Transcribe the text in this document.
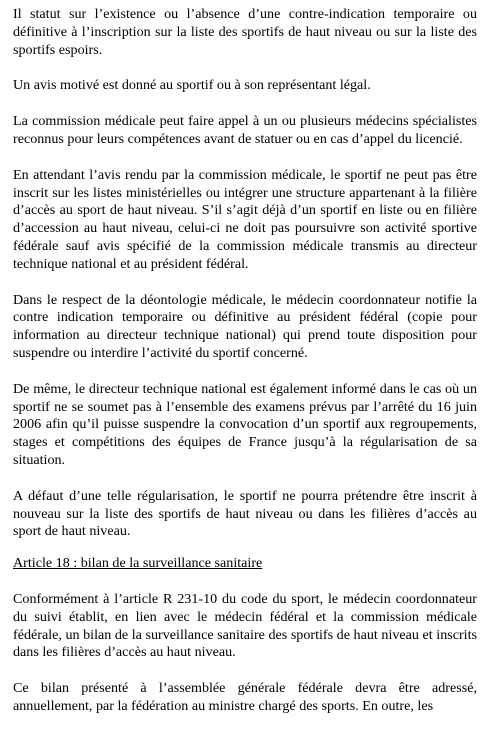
Il statut sur l’existence ou l’absence d’une contre-indication temporaire ou définitive à l’inscription sur la liste des sportifs de haut niveau ou sur la liste des sportifs espoirs.

Un avis motivé est donné au sportif ou à son représentant légal.

La commission médicale peut faire appel à un ou plusieurs médecins spécialistes reconnus pour leurs compétences avant de statuer ou en cas d’appel du licencié.

En attendant l’avis rendu par la commission médicale, le sportif ne peut pas être inscrit sur les listes ministérielles ou intégrer une structure appartenant à la filière d’accès au sport de haut niveau. S’il s’agit déjà d’un sportif en liste ou en filière d’accession au haut niveau, celui-ci ne doit pas poursuivre son activité sportive fédérale sauf avis spécifié de la commission médicale transmis au directeur technique national et au président fédéral.

Dans le respect de la déontologie médicale, le médecin coordonnateur notifie la contre indication temporaire ou définitive au président fédéral (copie pour information au directeur technique national) qui prend toute disposition pour suspendre ou interdire l’activité du sportif concerné.

De même, le directeur technique national est également informé dans le cas où un sportif ne se soumet pas à l’ensemble des examens prévus par l’arrêté du 16 juin 2006 afin qu’il puisse suspendre la convocation d’un sportif aux regroupements, stages et compétitions des équipes de France jusqu’à la régularisation de sa situation.

A défaut d’une telle régularisation, le sportif ne pourra prétendre être inscrit à nouveau sur la liste des sportifs de haut niveau ou dans les filières d’accès au sport de haut niveau.

Article 18 : bilan de la surveillance sanitaire

Conformément à l’article R 231-10 du code du sport, le médecin coordonnateur du suivi établit, en lien avec le médecin fédéral et la commission médicale fédérale, un bilan de la surveillance sanitaire des sportifs de haut niveau et inscrits dans les filières d’accès au haut niveau.

Ce bilan présenté à l’assemblée générale fédérale devra être adressé, annuellement, par la fédération au ministre chargé des sports. En outre, les
